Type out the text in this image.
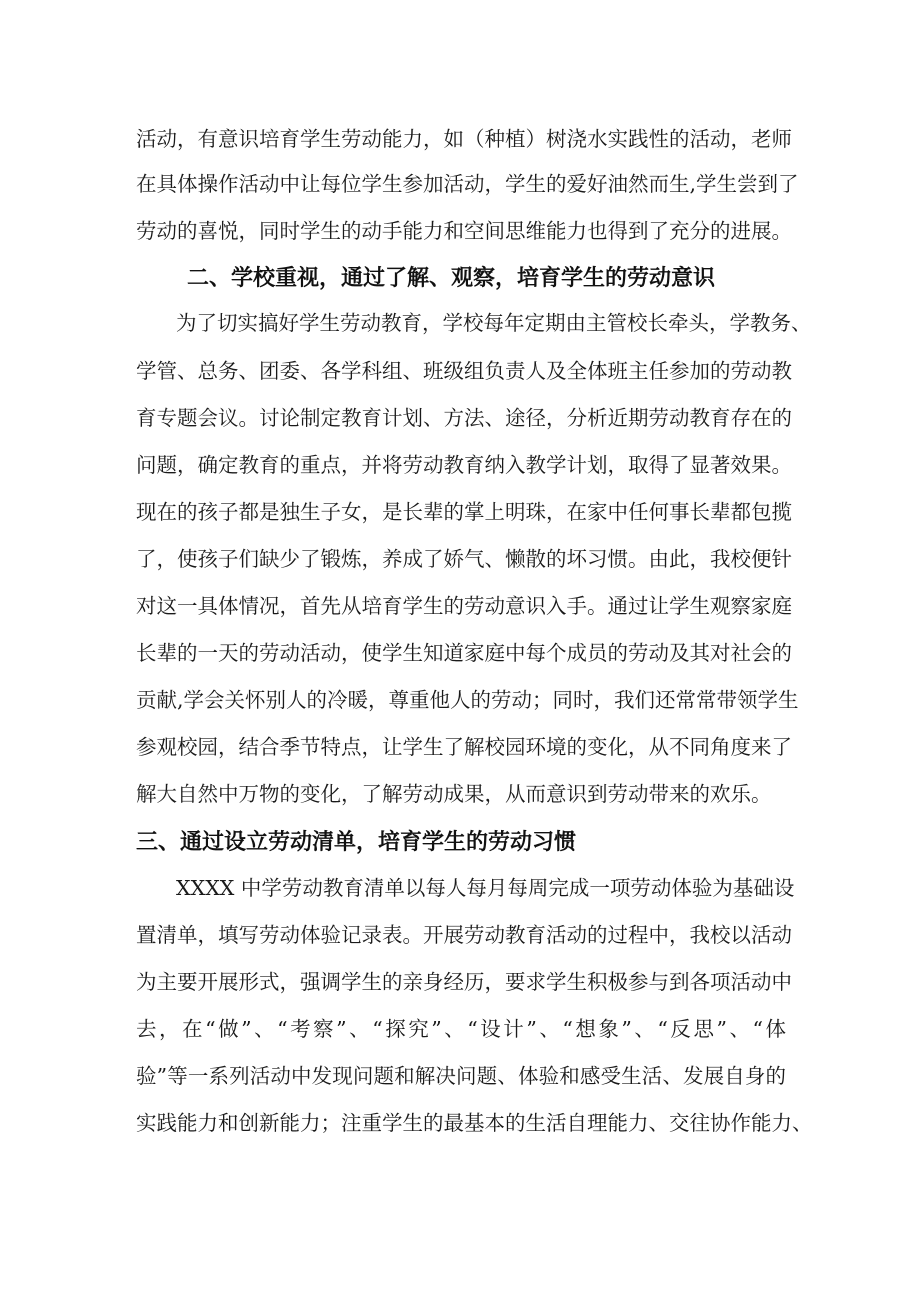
活动，有意识培育学生劳动能力，如（种植）树浇水实践性的活动，老师
在具体操作活动中让每位学生参加活动，学生的爱好油然而生,学生尝到了
劳动的喜悦，同时学生的动手能力和空间思维能力也得到了充分的进展。
二、学校重视，通过了解、观察，培育学生的劳动意识
为了切实搞好学生劳动教育，学校每年定期由主管校长牵头，学教务、
学管、总务、团委、各学科组、班级组负责人及全体班主任参加的劳动教
育专题会议。讨论制定教育计划、方法、途径，分析近期劳动教育存在的
问题，确定教育的重点，并将劳动教育纳入教学计划，取得了显著效果。
现在的孩子都是独生子女，是长辈的掌上明珠，在家中任何事长辈都包揽
了，使孩子们缺少了锻炼，养成了娇气、懒散的坏习惯。由此，我校便针
对这一具体情况，首先从培育学生的劳动意识入手。通过让学生观察家庭
长辈的一天的劳动活动，使学生知道家庭中每个成员的劳动及其对社会的
贡献,学会关怀别人的冷暖，尊重他人的劳动；同时，我们还常常带领学生
参观校园，结合季节特点，让学生了解校园环境的变化，从不同角度来了
解大自然中万物的变化，了解劳动成果，从而意识到劳动带来的欢乐。
三、通过设立劳动清单，培育学生的劳动习惯
XXXX 中学劳动教育清单以每人每月每周完成一项劳动体验为基础设
置清单，填写劳动体验记录表。开展劳动教育活动的过程中，我校以活动
为主要开展形式，强调学生的亲身经历，要求学生积极参与到各项活动中
去，在“做”、“考察”、“探究”、“设计”、“想象”、“反思”、“体
验”等一系列活动中发现问题和解决问题、体验和感受生活、发展自身的
实践能力和创新能力；注重学生的最基本的生活自理能力、交往协作能力、
